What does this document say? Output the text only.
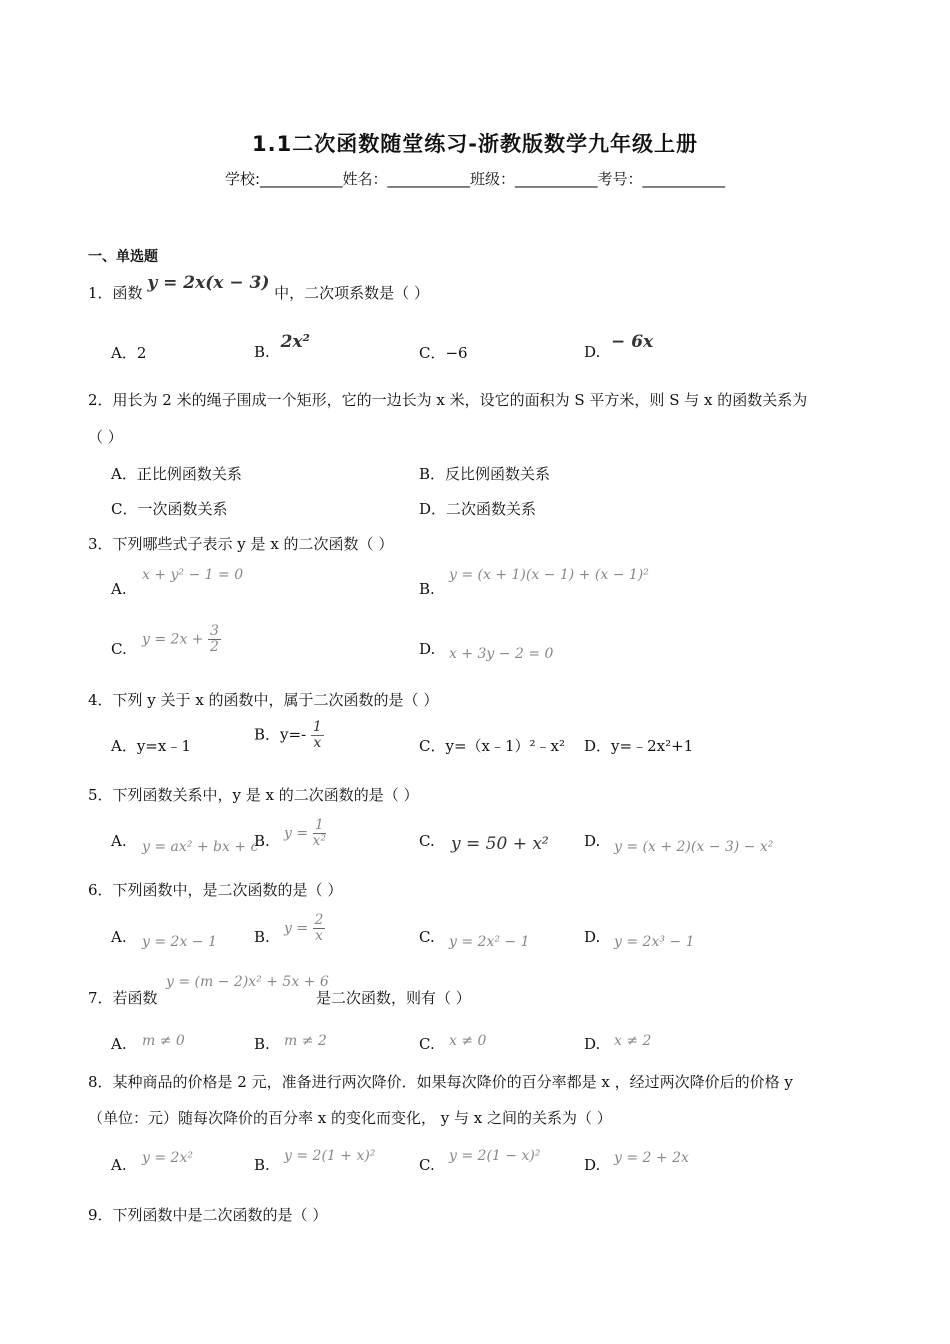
1.1二次函数随堂练习-浙教版数学九年级上册
学校:___________姓名：___________班级：___________考号：___________
一、单选题
1．函数 y = 2x(x − 3) 中，二次项系数是（ ）
A．2	B. 2x²
C．−6	D. − 6x
2．用长为 2 米的绳子围成一个矩形，它的一边长为 x 米，设它的面积为 S 平方米，则 S 与 x 的函数关系为
（ ）
A．正比例函数关系	B．反比例函数关系
C．一次函数关系	D．二次函数关系
3．下列哪些式子表示 y 是 x 的二次函数（ ）
A.
x + y² − 1 = 0
B.
y = (x + 1)(x − 1) + (x − 1)²
C.
$y = 2x + \frac{3}{2}$	D. x + 3y − 2 = 0
4．下列 y 关于 x 的函数中，属于二次函数的是（ ）
A．y=x﹣1
B．$y=- \frac{1}{x}$	C．y=（x﹣1）²﹣x² D．y=﹣2x²+1
5．下列函数关系中，y 是 x 的二次函数的是（ ）
A. y = ax² + bx + c
B. $y = \frac{1}{\text{x²}}$	C. y = 50 + x² D. y = (x + 2)(x − 3) − x²
6．下列函数中，是二次函数的是（ ）
A. y = 2x − 1 B. $y = \frac{2}{x}$	C. y = 2x² − 1	D. y = 2x³ − 1
7．若函数
y = (m − 2)x² + 5x + 6
是二次函数，则有（ ）
A. m ≠ 0	B. m ≠ 2	C. x ≠ 0	D. x ≠ 2
8．某种商品的价格是 2 元，准备进行两次降价．如果每次降价的百分率都是 x ，经过两次降价后的价格 y
（单位：元）随每次降价的百分率 x 的变化而变化， y 与 x 之间的关系为（ ）
A. y = 2x²	B. y = 2(1 + x)²	C. y = 2(1 − x)²	D. y = 2 + 2x
9．下列函数中是二次函数的是（ ）
